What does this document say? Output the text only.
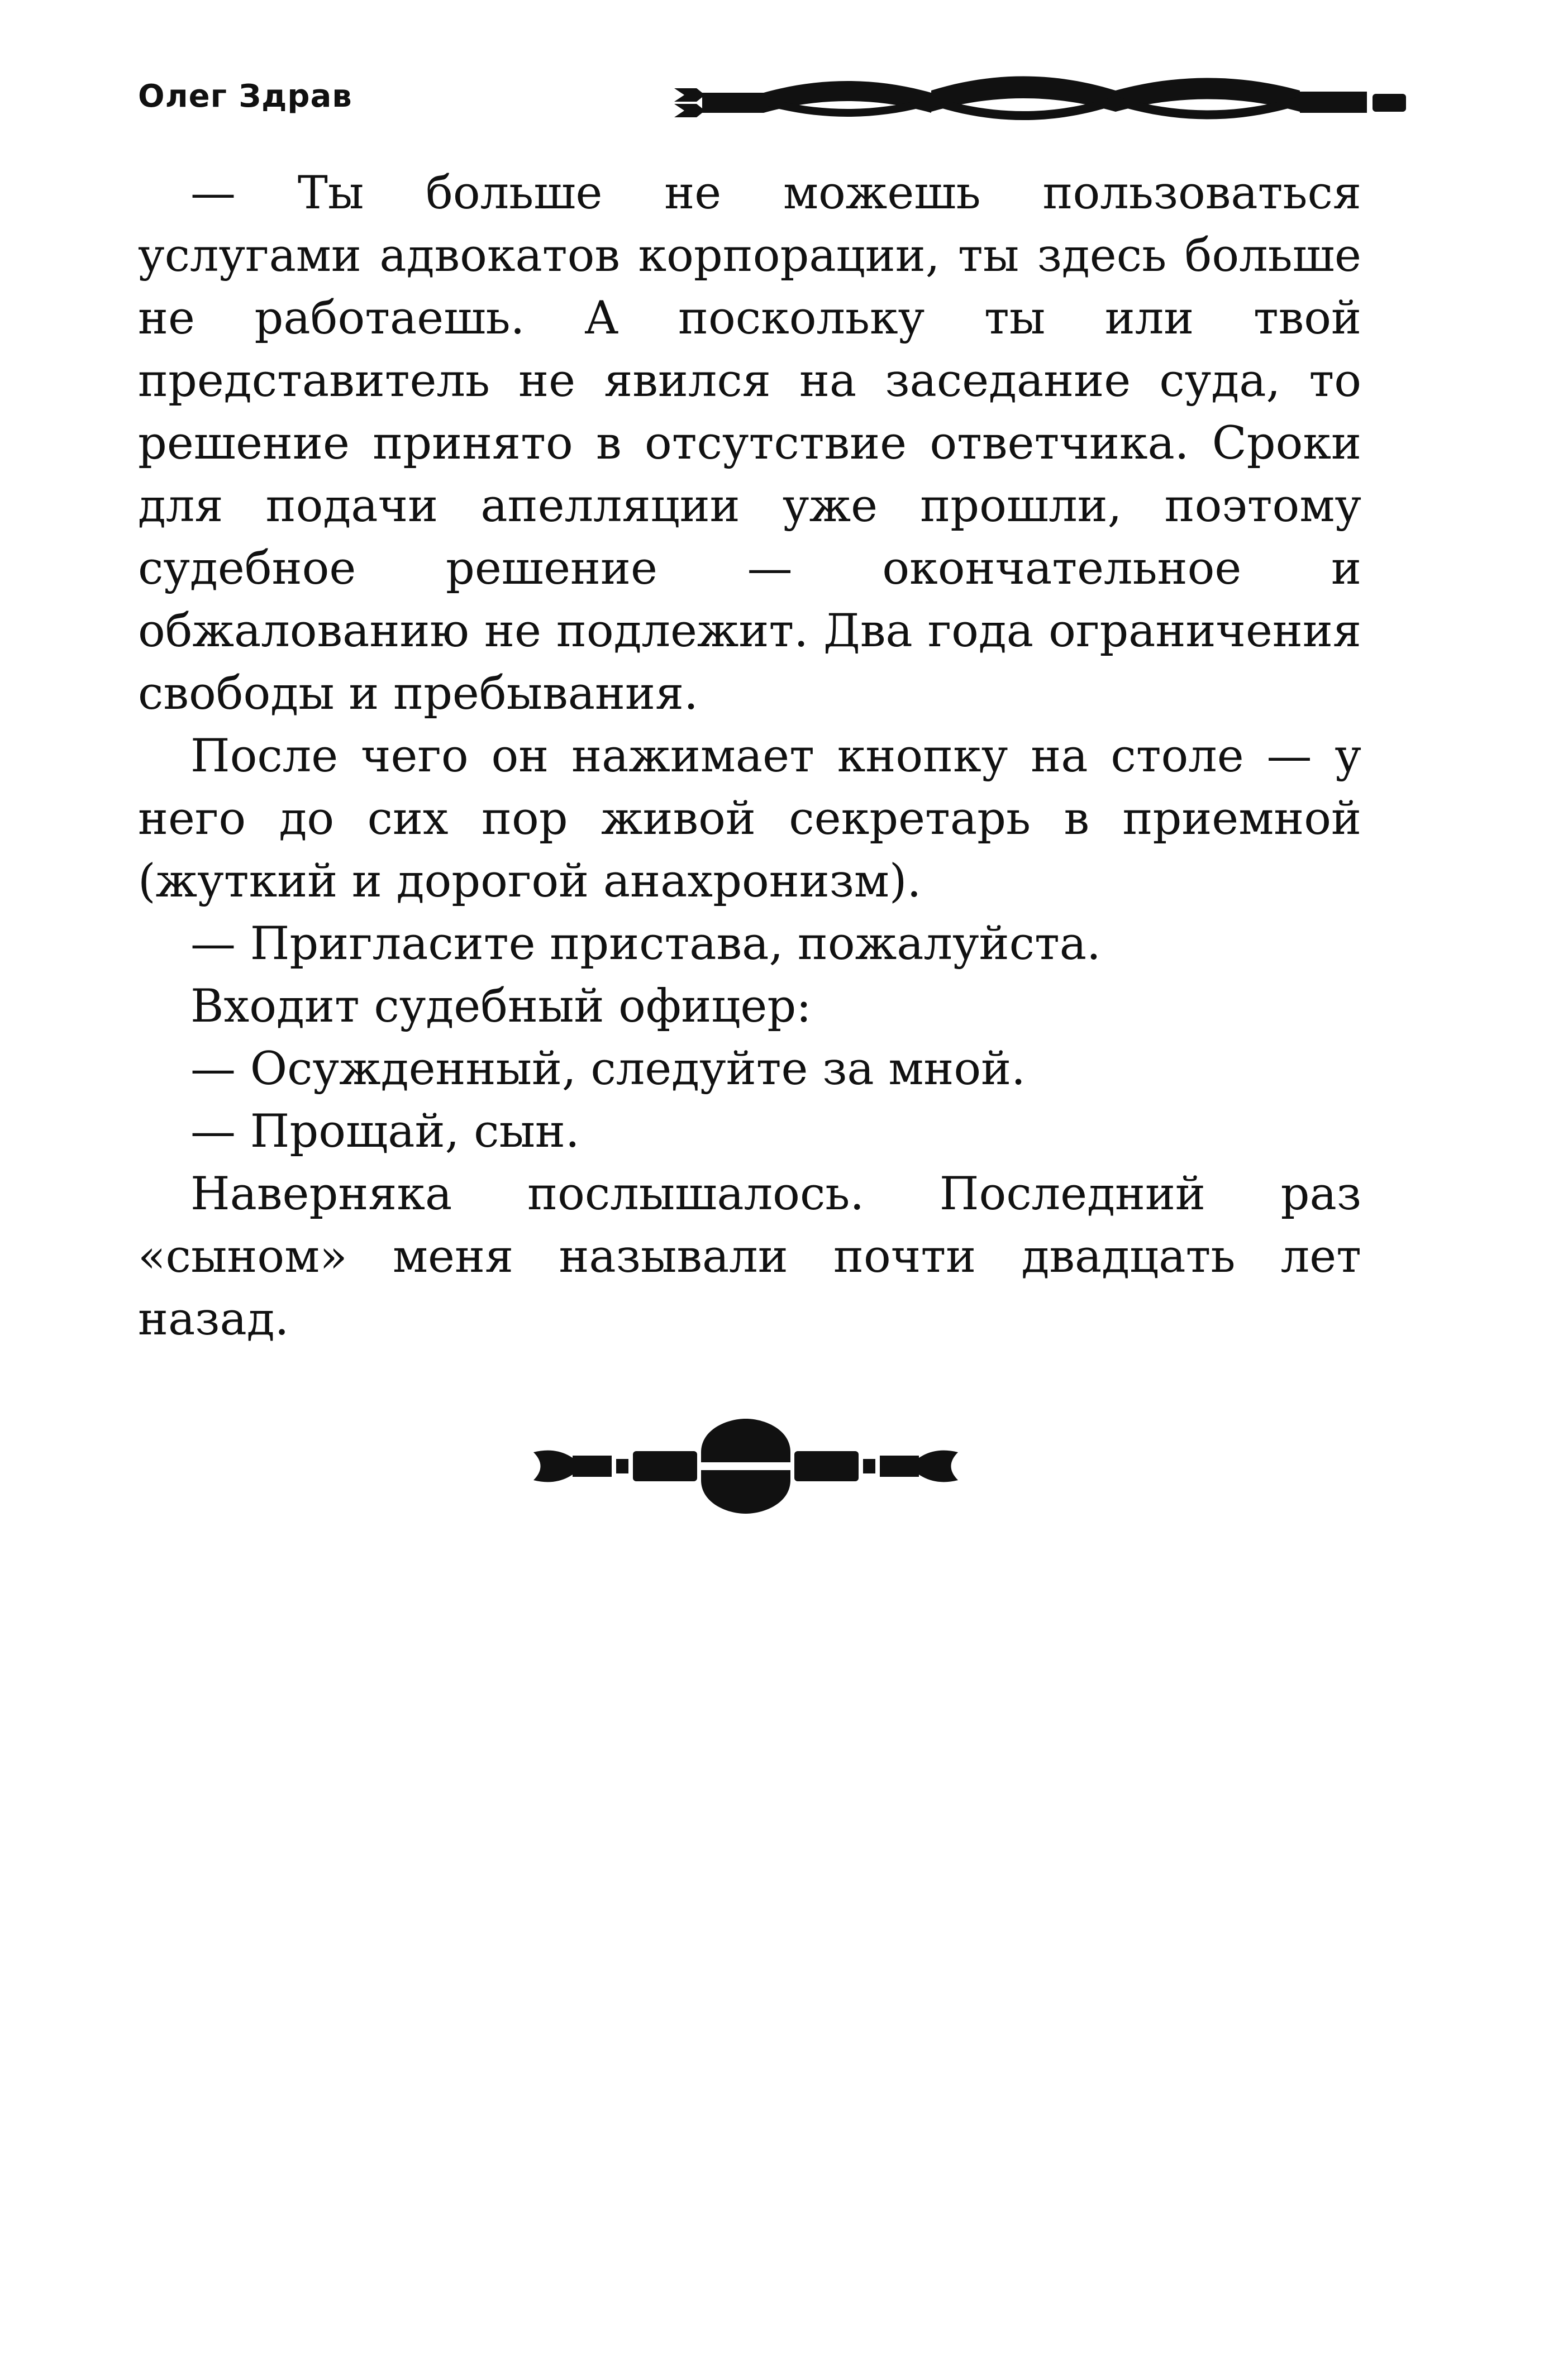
Олег Здрав

— Ты больше не можешь пользоваться услугами адвокатов корпорации, ты здесь больше не работаешь. А поскольку ты или твой представитель не явился на заседание суда, то решение принято в отсутствие ответчика. Сроки для подачи апелляции уже прошли, поэтому судебное решение — окончательное и обжалованию не подлежит. Два года ограничения свободы и пребывания.

После чего он нажимает кнопку на столе — у него до сих пор живой секретарь в приемной (жуткий и дорогой анахронизм).

— Пригласите пристава, пожалуйста.

Входит судебный офицер:

— Осужденный, следуйте за мной.

— Прощай, сын.

Наверняка послышалось. Последний раз «сыном» меня называли почти двадцать лет назад.
